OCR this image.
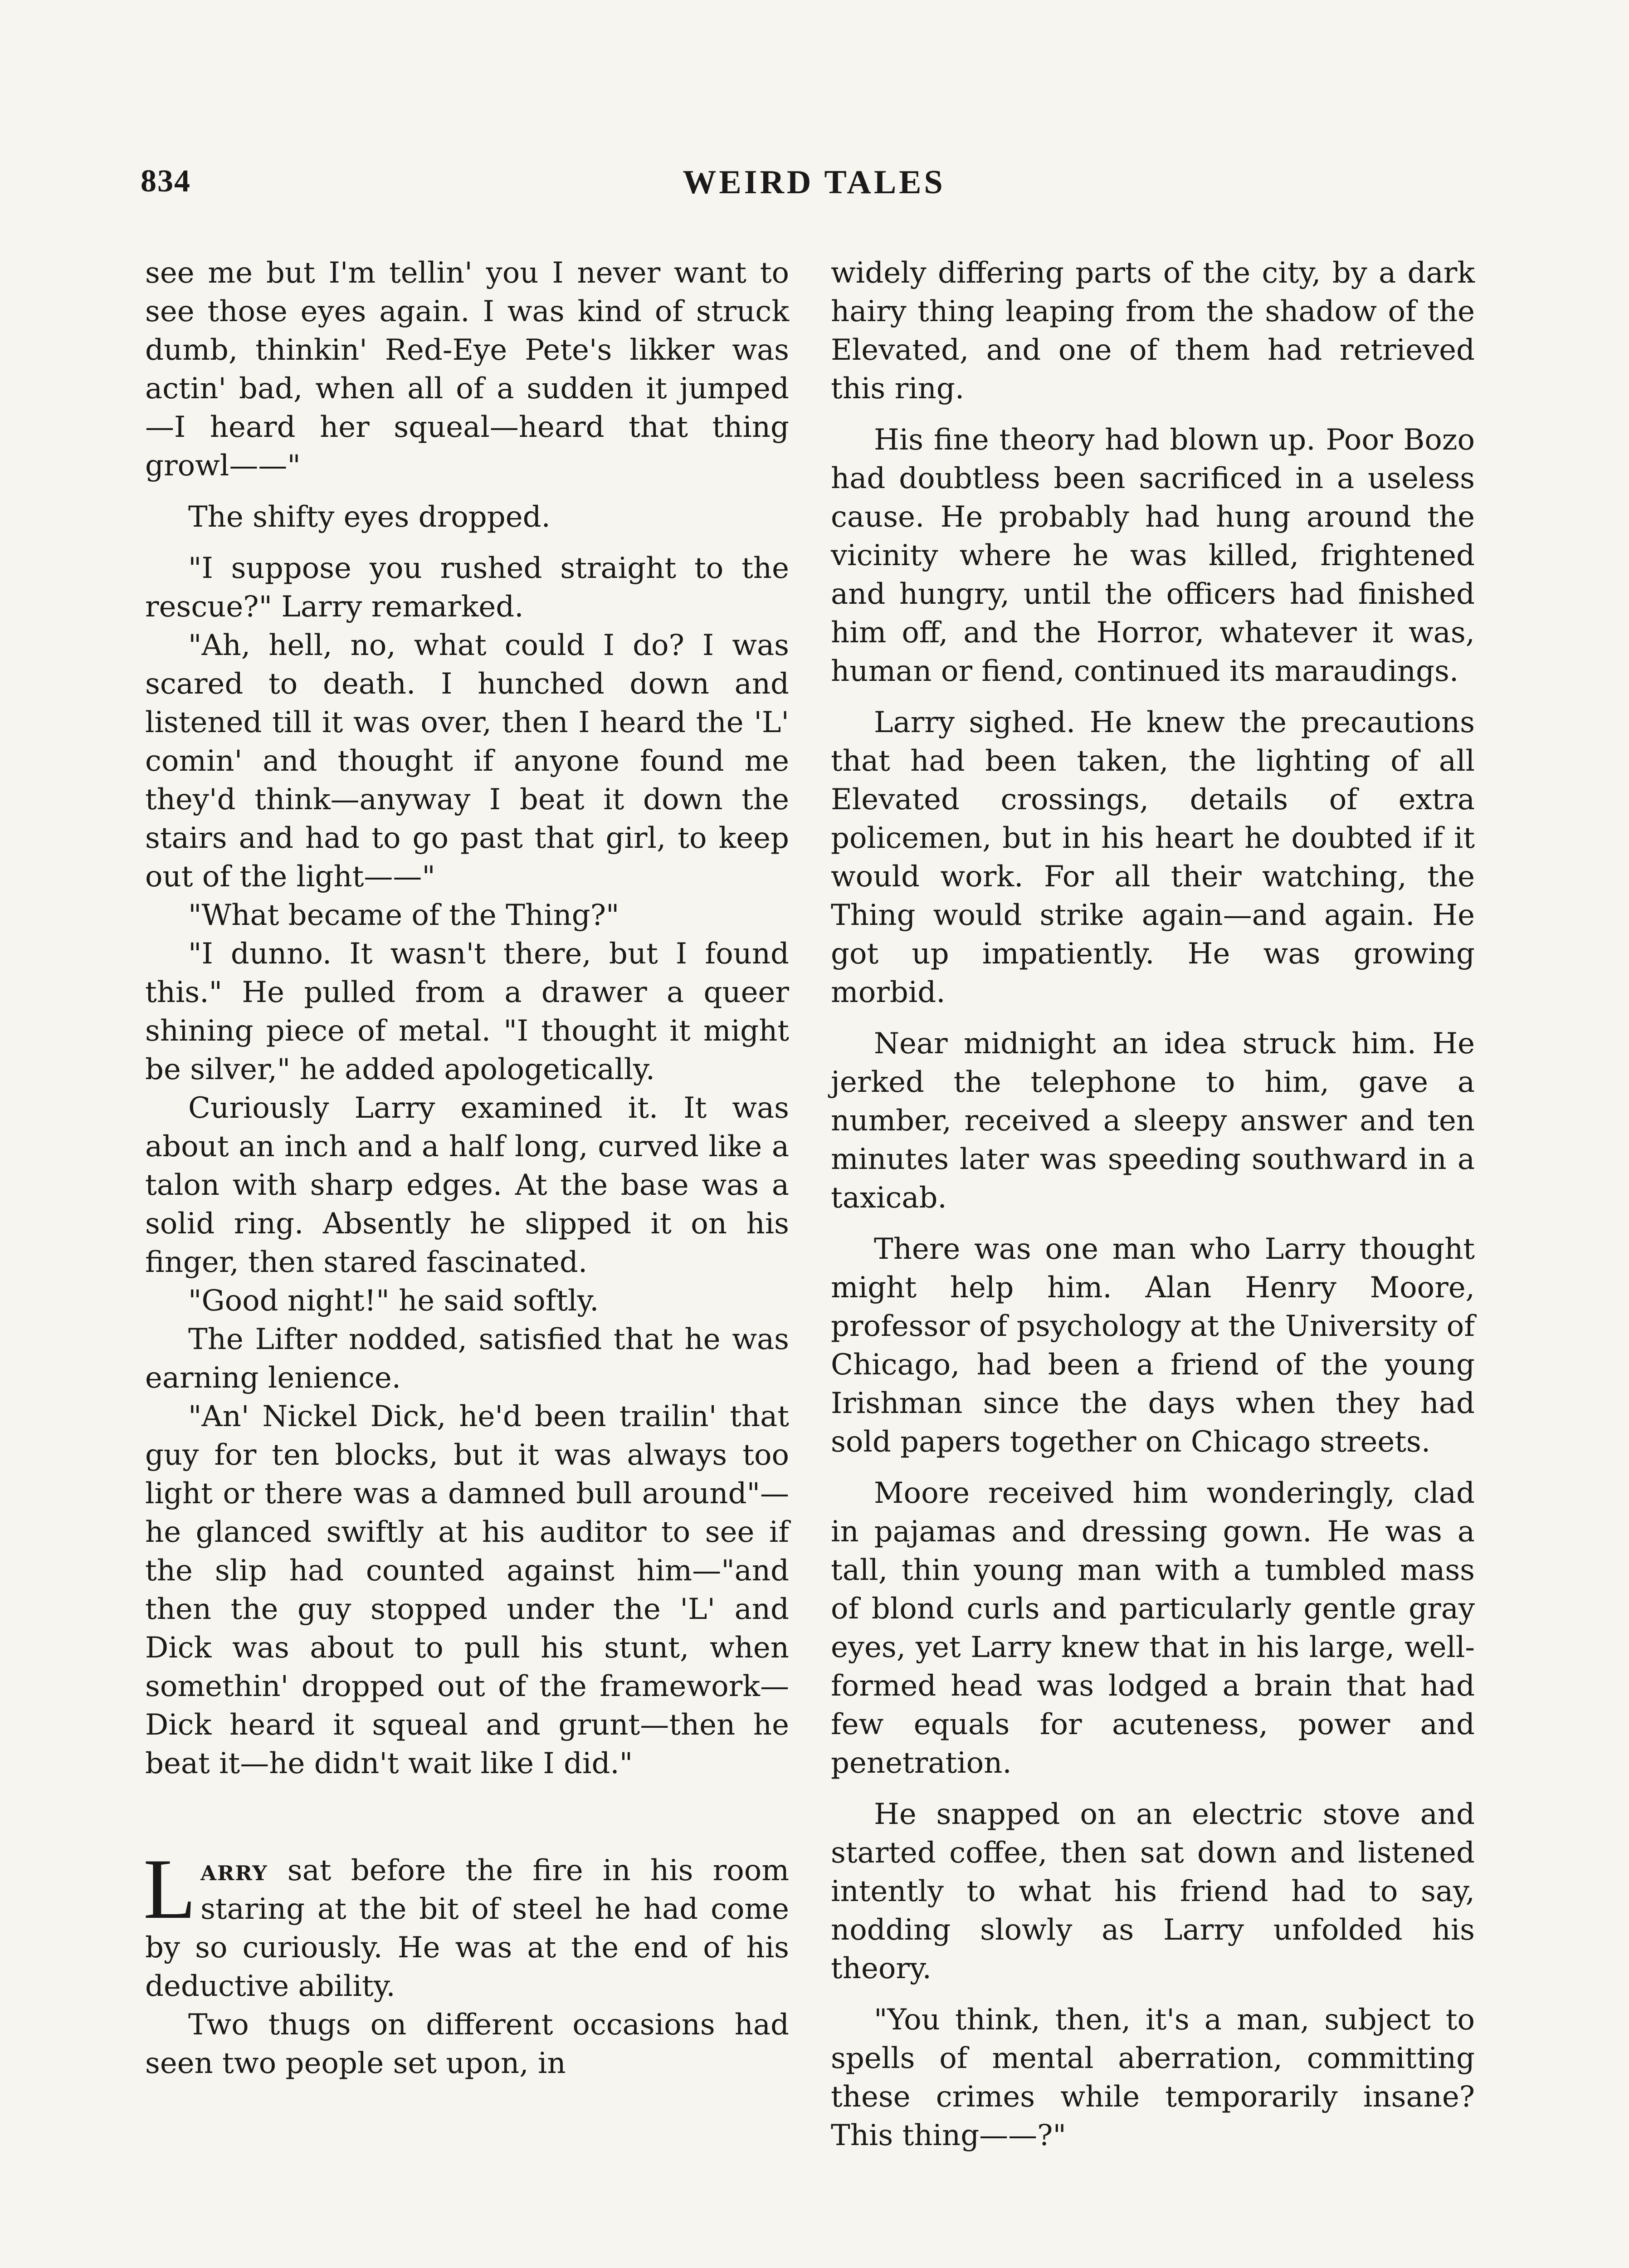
834	WEIRD TALES

see me but I'm tellin' you I never want to see those eyes again. I was kind of struck dumb, thinkin' Red-Eye Pete's likker was actin' bad, when all of a sudden it jumped—I heard her squeal—heard that thing growl——"

The shifty eyes dropped.

"I suppose you rushed straight to the rescue?" Larry remarked.

"Ah, hell, no, what could I do? I was scared to death. I hunched down and listened till it was over, then I heard the 'L' comin' and thought if anyone found me they'd think—anyway I beat it down the stairs and had to go past that girl, to keep out of the light——"

"What became of the Thing?"

"I dunno. It wasn't there, but I found this." He pulled from a drawer a queer shining piece of metal. "I thought it might be silver," he added apologetically.

Curiously Larry examined it. It was about an inch and a half long, curved like a talon with sharp edges. At the base was a solid ring. Absently he slipped it on his finger, then stared fascinated.

"Good night!" he said softly.

The Lifter nodded, satisfied that he was earning lenience.

"An' Nickel Dick, he'd been trailin' that guy for ten blocks, but it was always too light or there was a damned bull around"—he glanced swiftly at his auditor to see if the slip had counted against him—"and then the guy stopped under the 'L' and Dick was about to pull his stunt, when somethin' dropped out of the framework—Dick heard it squeal and grunt—then he beat it—he didn't wait like I did."

Larry sat before the fire in his room staring at the bit of steel he had come by so curiously. He was at the end of his deductive ability.

Two thugs on different occasions had seen two people set upon, in

widely differing parts of the city, by a dark hairy thing leaping from the shadow of the Elevated, and one of them had retrieved this ring.

His fine theory had blown up. Poor Bozo had doubtless been sacrificed in a useless cause. He probably had hung around the vicinity where he was killed, frightened and hungry, until the officers had finished him off, and the Horror, whatever it was, human or fiend, continued its maraudings.

Larry sighed. He knew the precautions that had been taken, the lighting of all Elevated crossings, details of extra policemen, but in his heart he doubted if it would work. For all their watching, the Thing would strike again—and again. He got up impatiently. He was growing morbid.

Near midnight an idea struck him. He jerked the telephone to him, gave a number, received a sleepy answer and ten minutes later was speeding southward in a taxicab.

There was one man who Larry thought might help him. Alan Henry Moore, professor of psychology at the University of Chicago, had been a friend of the young Irishman since the days when they had sold papers together on Chicago streets.

Moore received him wonderingly, clad in pajamas and dressing gown. He was a tall, thin young man with a tumbled mass of blond curls and particularly gentle gray eyes, yet Larry knew that in his large, well-formed head was lodged a brain that had few equals for acuteness, power and penetration.

He snapped on an electric stove and started coffee, then sat down and listened intently to what his friend had to say, nodding slowly as Larry unfolded his theory.

"You think, then, it's a man, subject to spells of mental aberration, committing these crimes while temporarily insane? This thing——?"
